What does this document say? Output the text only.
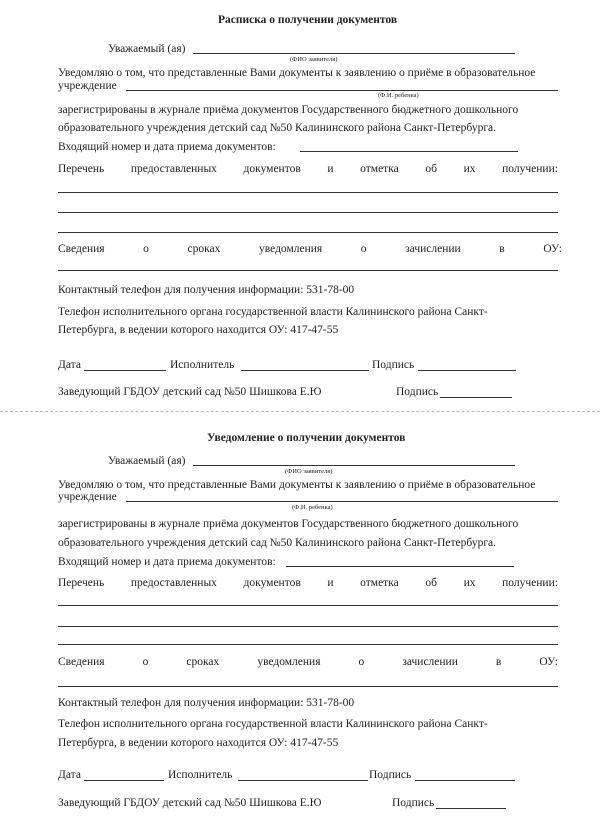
Расписка о получении документов
Уважаемый (ая)
(ФИО заявителя)
Уведомляю о том, что представленные Вами документы к заявлению о приёме в образовательное
учреждение
(Ф.И. ребенка)
зарегистрированы в журнале приёма документов Государственного бюджетного дошкольного
образовательного учреждения детский сад №50 Калининского района Санкт-Петербурга.
Входящий номер и дата приема документов:
Перечень предоставленных документов и отметка об их получении:
Сведения	о	сроках	уведомления	о	зачислении	в	ОУ:
Контактный телефон для получения информации: 531-78-00
Телефон исполнительного органа государственной власти Калининского района Санкт-
Петербурга, в ведении которого находится ОУ: 417-47-55
Дата	Исполнитель	Подпись
Заведующий ГБДОУ детский сад №50 Шишкова Е.Ю	Подпись
Уведомление о получении документов
Уважаемый (ая)
(ФИО заявителя)
Уведомляю о том, что представленные Вами документы к заявлению о приёме в образовательное
учреждение
(Ф.И. ребенка)
зарегистрированы в журнале приёма документов Государственного бюджетного дошкольного
образовательного учреждения детский сад №50 Калининского района Санкт-Петербурга.
Входящий номер и дата приема документов:
Перечень предоставленных документов и отметка об их получении:
Сведения	о	сроках	уведомления	о	зачислении	в	ОУ:
Контактный телефон для получения информации: 531-78-00
Телефон исполнительного органа государственной власти Калининского района Санкт-
Петербурга, в ведении которого находится ОУ: 417-47-55
Дата	Исполнитель	Подпись
Заведующий ГБДОУ детский сад №50 Шишкова Е.Ю	Подпись
